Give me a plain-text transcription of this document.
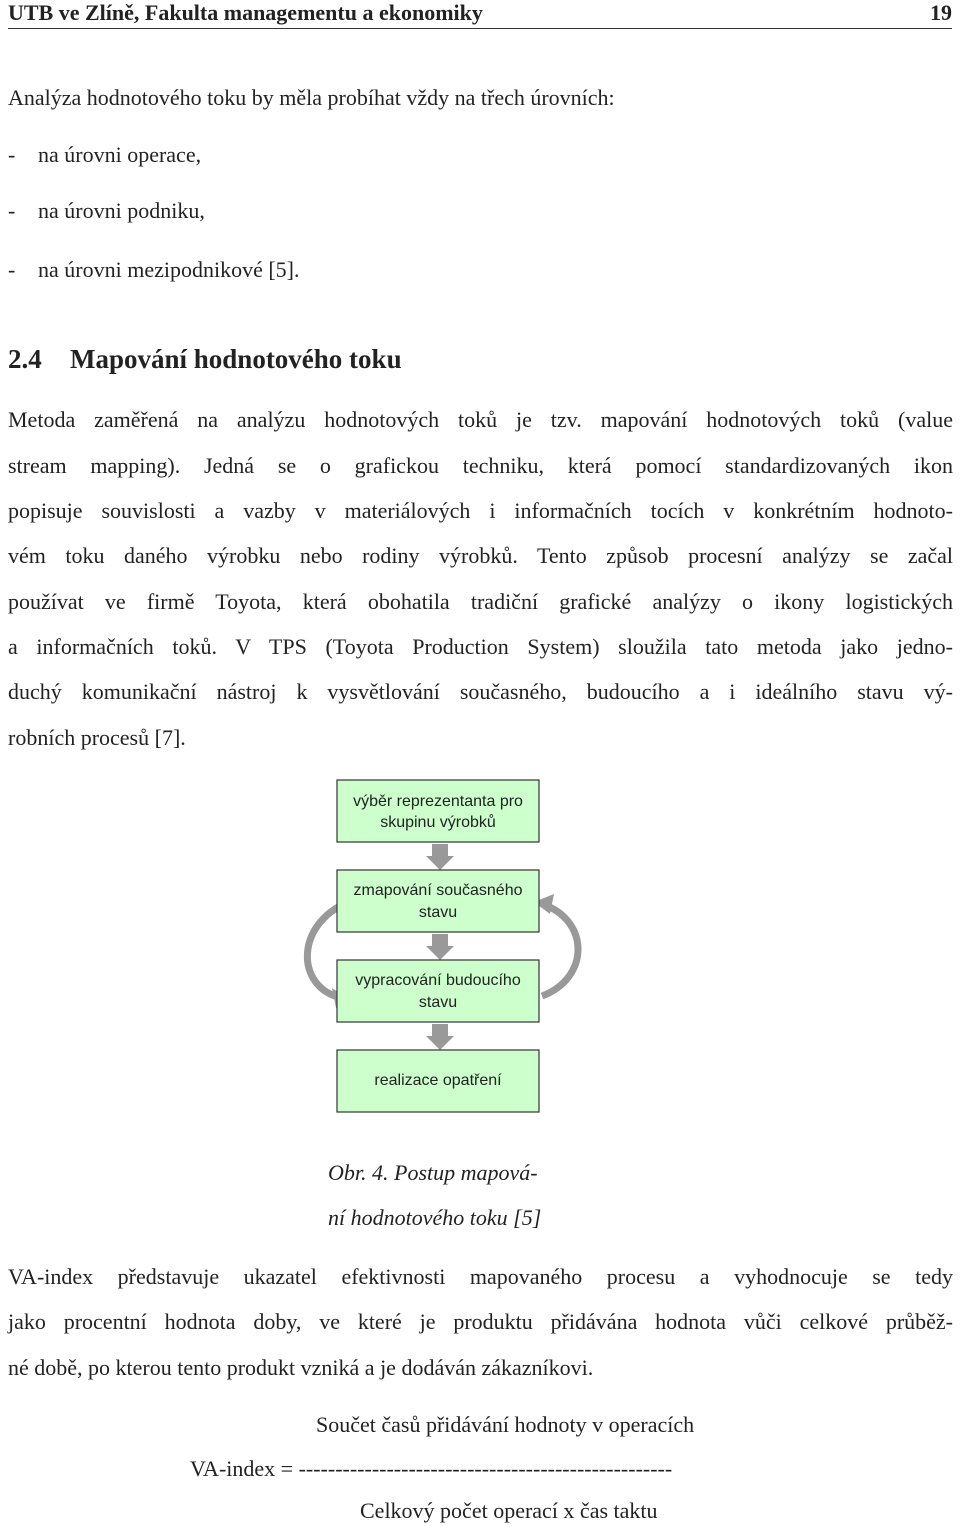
UTB ve Zlíně, Fakulta managementu a ekonomiky	19
Analýza hodnotového toku by měla probíhat vždy na třech úrovních:
- na úrovni operace,
- na úrovni podniku,
- na úrovni mezipodnikové [5].
2.4 Mapování hodnotového toku
Metoda zaměřená na analýzu hodnotových toků je tzv. mapování hodnotových toků (value
stream mapping). Jedná se o grafickou techniku, která pomocí standardizovaných ikon
popisuje souvislosti a vazby v materiálových i informačních tocích v konkrétním hodnoto-
vém toku daného výrobku nebo rodiny výrobků. Tento způsob procesní analýzy se začal
používat ve firmě Toyota, která obohatila tradiční grafické analýzy o ikony logistických
a informačních toků. V TPS (Toyota Production System) sloužila tato metoda jako jedno-
duchý komunikační nástroj k vysvětlování současného, budoucího a i ideálního stavu vý-
robních procesů [7].
výběr reprezentanta pro
skupinu výrobků
zmapování současného
stavu
vypracování budoucího
stavu
realizace opatření
Obr. 4. Postup mapová-
ní hodnotového toku [5]
VA-index představuje ukazatel efektivnosti mapovaného procesu a vyhodnocuje se tedy
jako procentní hodnota doby, ve které je produktu přidávána hodnota vůči celkové průběž-
né době, po kterou tento produkt vzniká a je dodáván zákazníkovi.
Součet časů přidávání hodnoty v operacích
VA-index = ---------------------------------------------------
Celkový počet operací x čas taktu
